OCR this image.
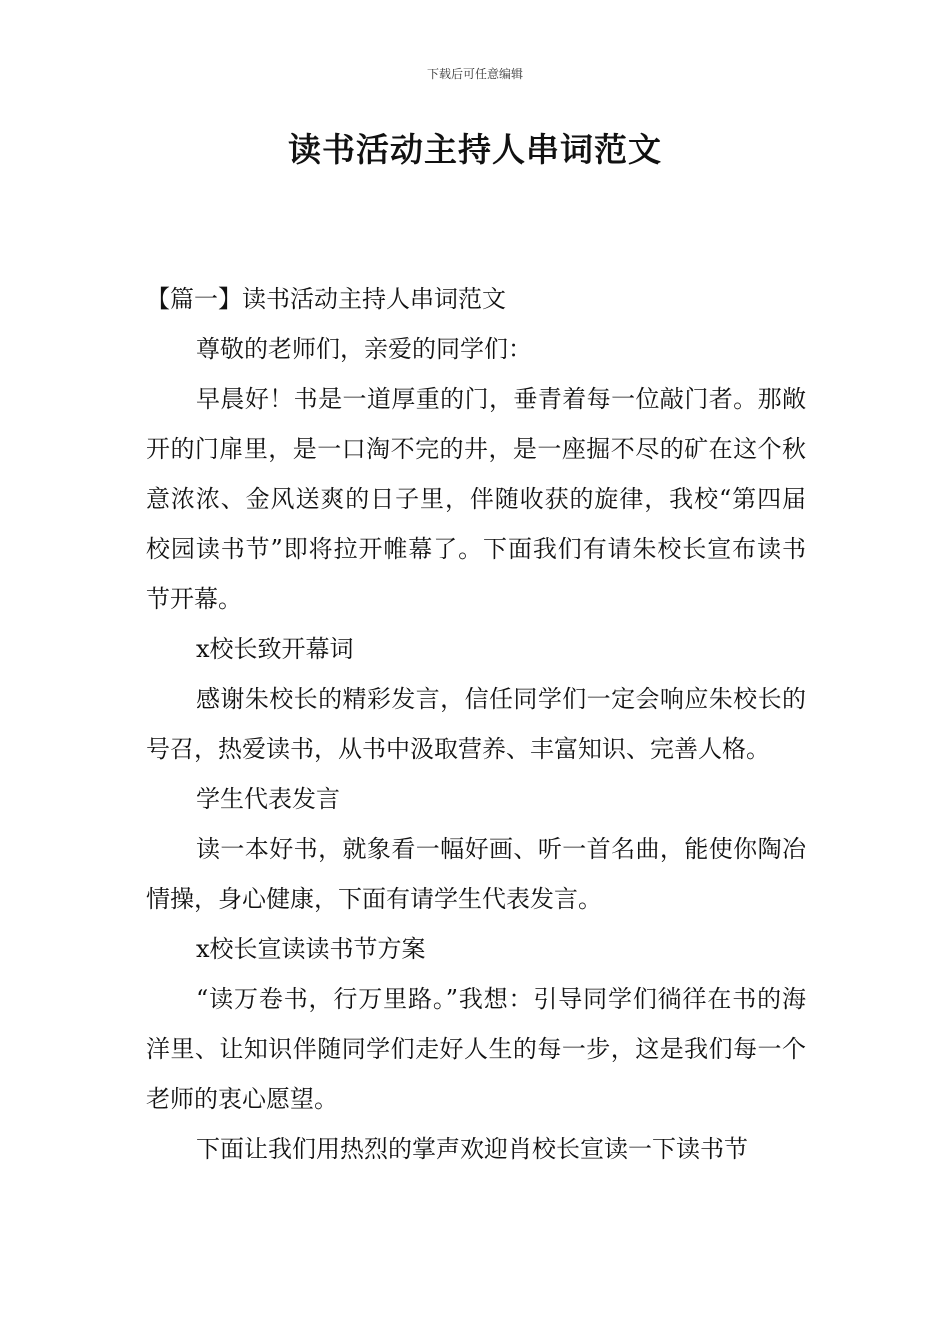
下载后可任意编辑
读书活动主持人串词范文

【篇一】读书活动主持人串词范文

尊敬的老师们，亲爱的同学们：

早晨好！书是一道厚重的门，垂青着每一位敲门者。那敞开的门扉里，是一口淘不完的井，是一座掘不尽的矿在这个秋意浓浓、金风送爽的日子里，伴随收获的旋律，我校“第四届校园读书节”即将拉开帷幕了。下面我们有请朱校长宣布读书节开幕。

x校长致开幕词

感谢朱校长的精彩发言，信任同学们一定会响应朱校长的号召，热爱读书，从书中汲取营养、丰富知识、完善人格。

学生代表发言

读一本好书，就象看一幅好画、听一首名曲，能使你陶冶情操，身心健康，下面有请学生代表发言。

x校长宣读读书节方案

“读万卷书，行万里路。”我想：引导同学们徜徉在书的海洋里、让知识伴随同学们走好人生的每一步，这是我们每一个老师的衷心愿望。

下面让我们用热烈的掌声欢迎肖校长宣读一下读书节
